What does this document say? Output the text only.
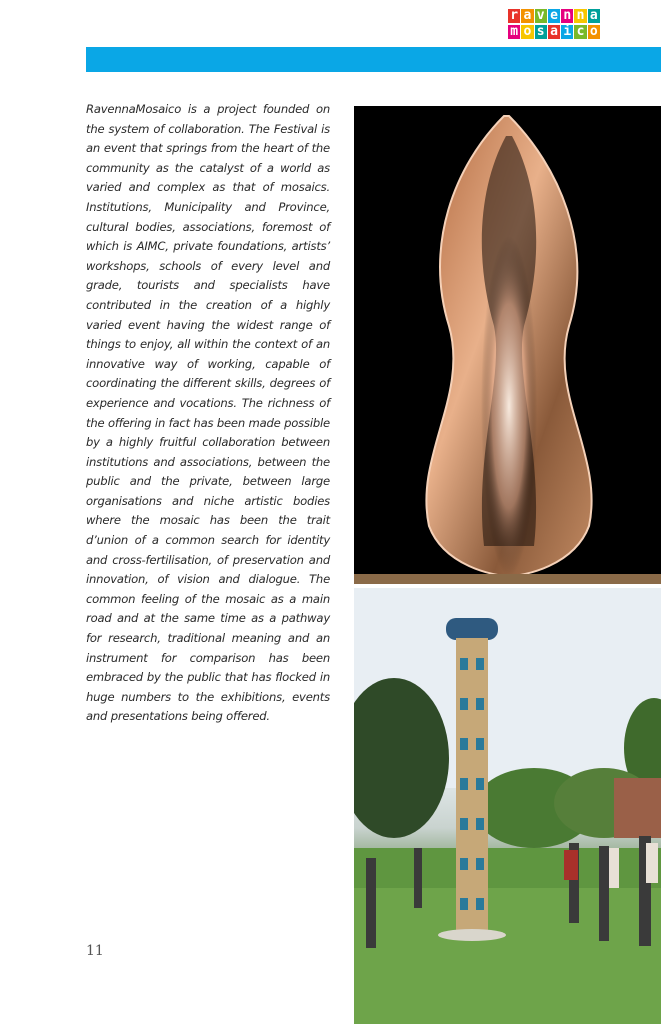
r a v e n n a
m o s a i c o

RavennaMosaico is a project founded on the system of collaboration. The Festival is an event that springs from the heart of the community as the catalyst of a world as varied and complex as that of mosaics. Institutions, Municipality and Province, cultural bodies, associations, foremost of which is AIMC, private foundations, artists’ workshops, schools of every level and grade, tourists and specialists have contributed in the creation of a highly varied event having the widest range of things to enjoy, all within the context of an innovative way of working, capable of coordinating the different skills, degrees of experience and vocations. The richness of the offering in fact has been made possible by a highly fruitful collaboration between institutions and associations, between the public and the private, between large organisations and niche artistic bodies where the mosaic has been the trait d’union of a common search for identity and cross-fertilisation, of preservation and innovation, of vision and dialogue. The common feeling of the mosaic as a main road and at the same time as a pathway for research, traditional meaning and an instrument for comparison has been embraced by the public that has flocked in huge numbers to the exhibitions, events and presentations being offered.

11
